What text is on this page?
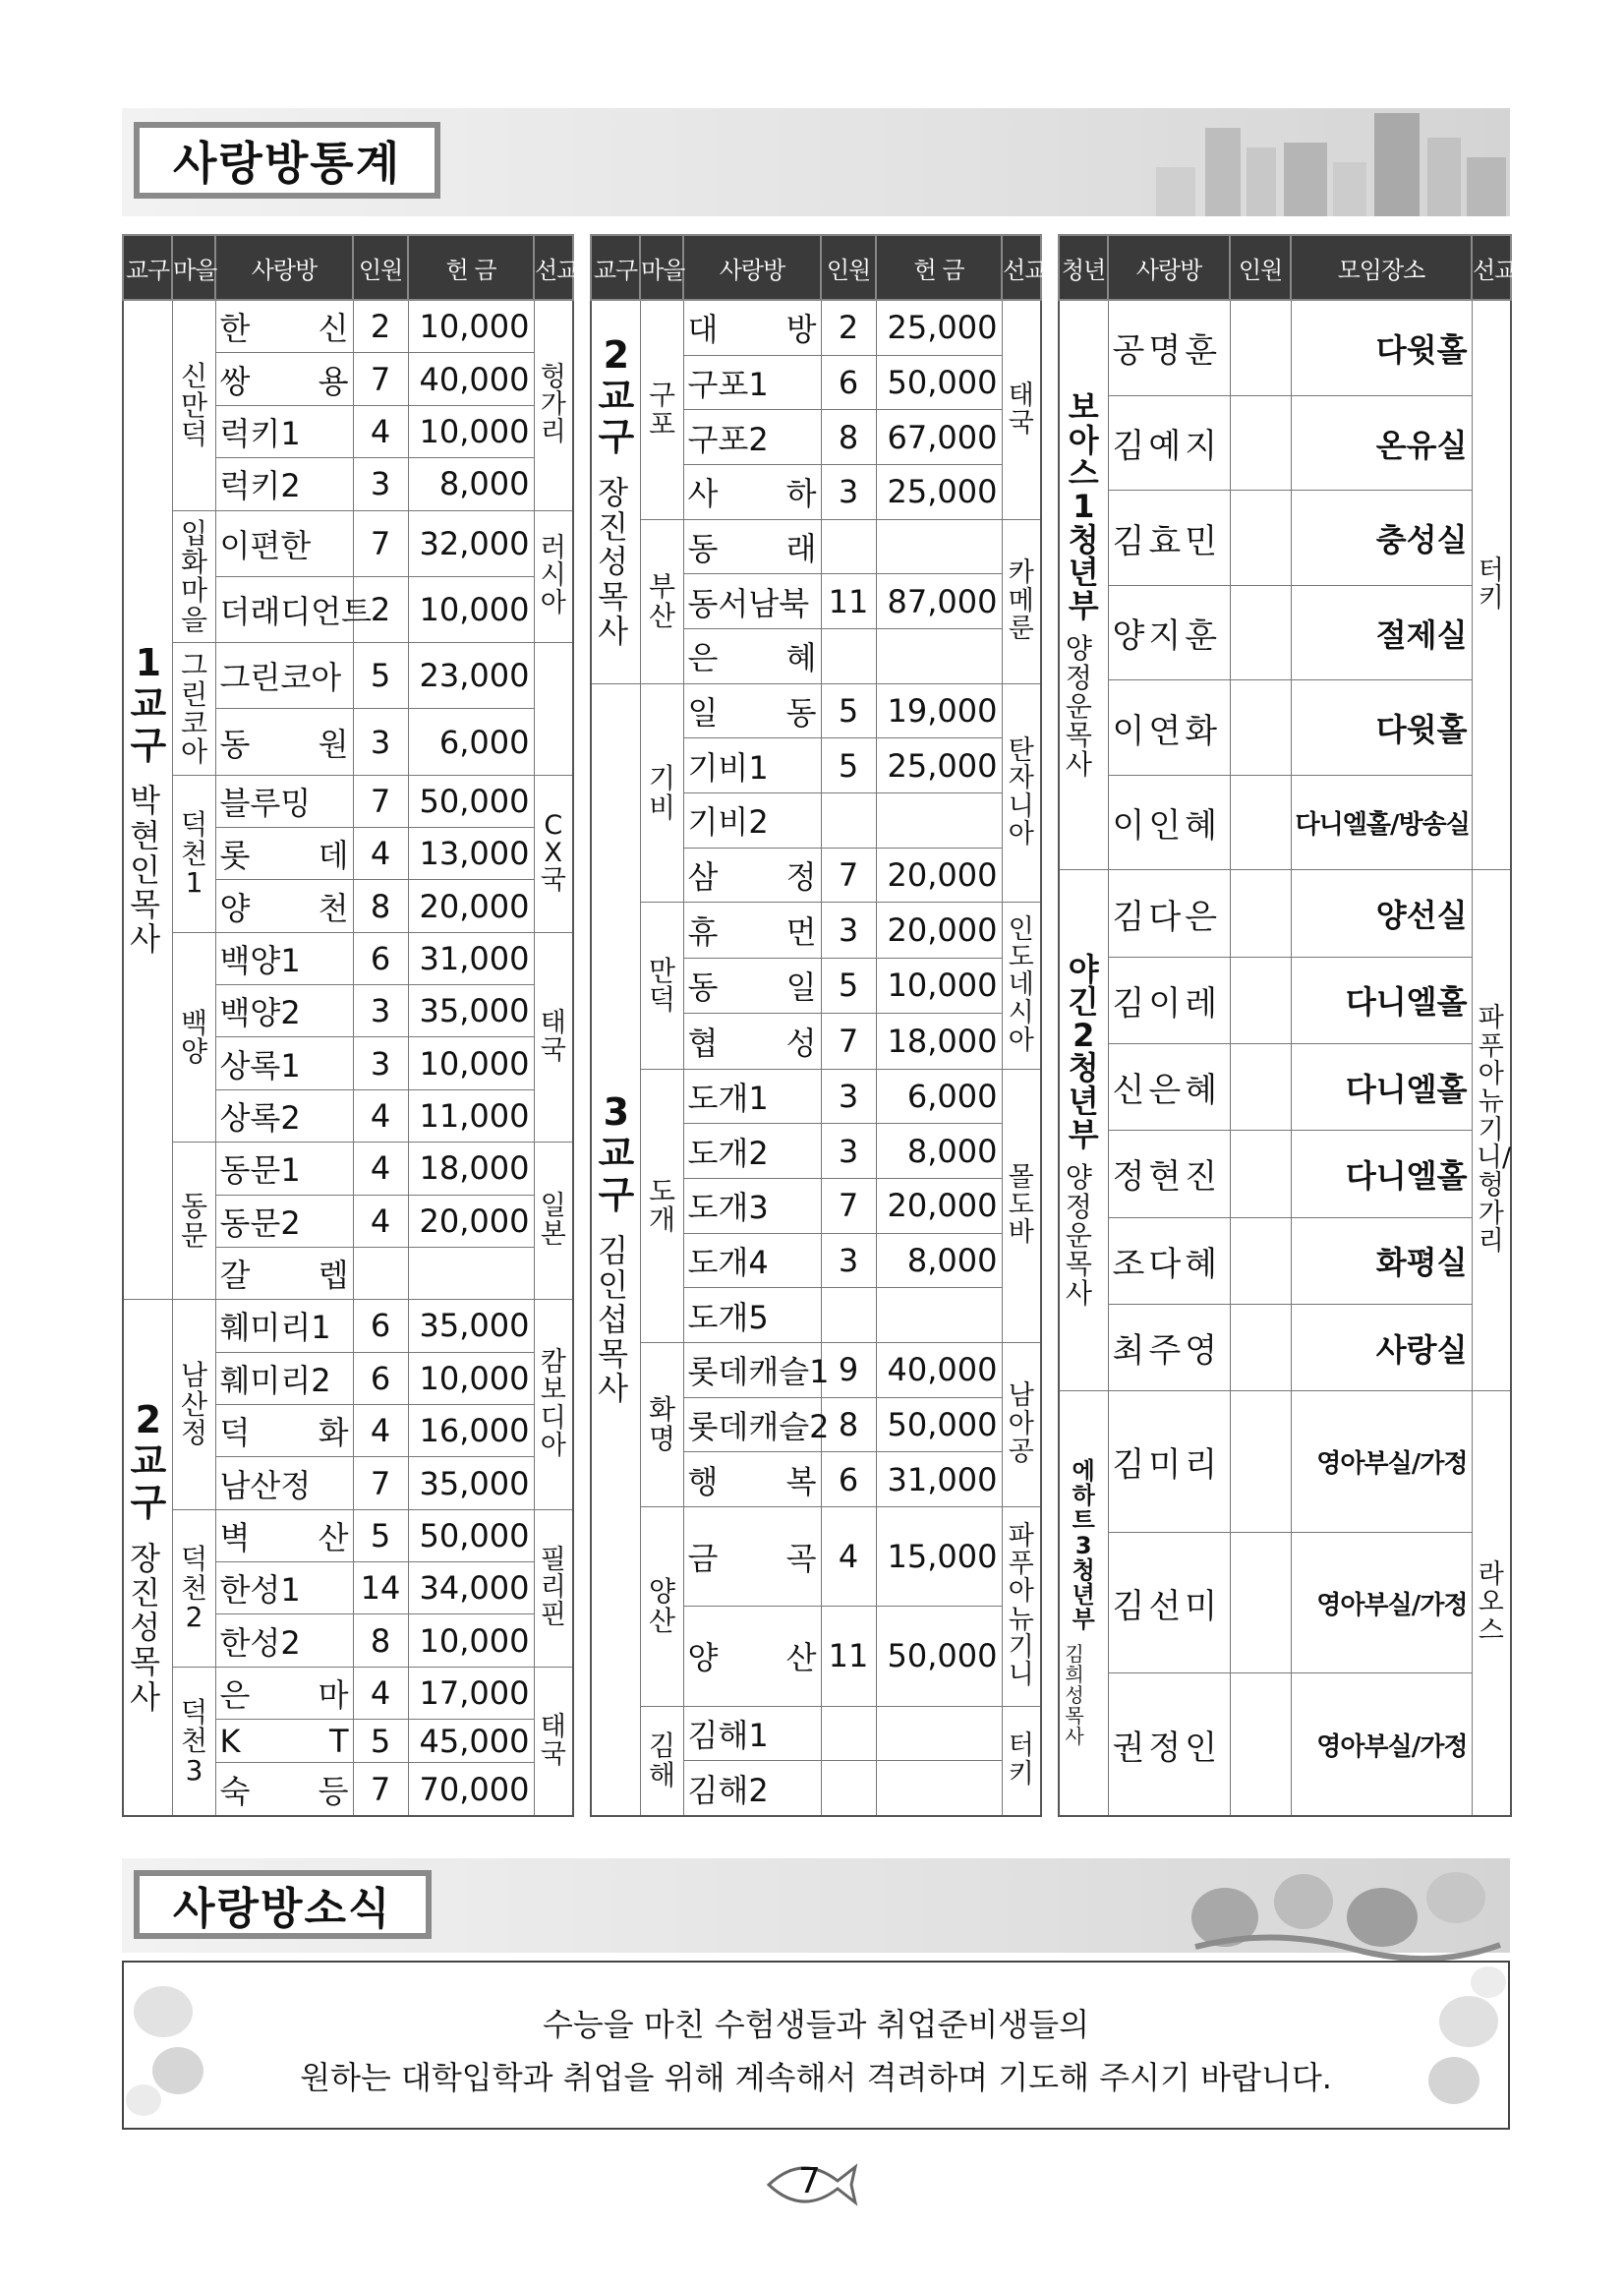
사랑방통계
교구	마을	사랑방	인원	헌 금	선교
1교구
박현인목사	신만덕	한 신	2	10,000	헝가리
		쌍 용	7	40,000	
		럭키1	4	10,000	
		럭키2	3	8,000	
	입화마을	이편한	7	32,000	러시아
		더래디언트	2	10,000	
	그린코아	그린코아	5	23,000	
		동 원	3	6,000	
	덕천1	블루밍	7	50,000	CX국
		롯 데	4	13,000	
		양 천	8	20,000	
	백양	백양1	6	31,000	태국
		백양2	3	35,000	
		상록1	3	10,000	
		상록2	4	11,000	
	동문	동문1	4	18,000	일본
		동문2	4	20,000	
		갈 렙			
2교구
장진성목사	남산정	훼미리1	6	35,000	캄보디아
		훼미리2	6	10,000	
		덕 화	4	16,000	
		남산정	7	35,000	
	덕천2	벽 산	5	50,000	필리핀
		한성1	14	34,000	
		한성2	8	10,000	
	덕천3	은 마	4	17,000	태국
		K T	5	45,000	
		숙 등	7	70,000	
교구	마을	사랑방	인원	헌 금	선교
2교구
장진성목사	구포	대 방	2	25,000	태국
		구포1	6	50,000	
		구포2	8	67,000	
		사 하	3	25,000	
	부산	동 래			카메룬
		동서남북	11	87,000	
		은 혜			
3교구
김인섭목사	기비	일 동	5	19,000	탄자니아
		기비1	5	25,000	
		기비2			
		삼 정	7	20,000	
	만덕	휴 먼	3	20,000	인도네시아
		동 일	5	10,000	
		협 성	7	18,000	
	도개	도개1	3	6,000	몰도바
		도개2	3	8,000	
		도개3	7	20,000	
		도개4	3	8,000	
		도개5			
	화명	롯데캐슬1	9	40,000	남아공
		롯데캐슬2	8	50,000	
		행 복	6	31,000	
	양산	금 곡	4	15,000	파푸아뉴기니
		양 산	11	50,000	
	김해	김해1			터키
		김해2			
청년	사랑방	인원	모임장소	선교
보아스1청년부
양정운목사	공명훈		다윗홀	터키
	김예지		온유실	
	김효민		충성실	
	양지훈		절제실	
	이연화		다윗홀	
	이인혜		다니엘홀/방송실	
야긴2청년부
양정운목사	김다은		양선실	파푸아뉴기니/헝가리
	김이레		다니엘홀	
	신은혜		다니엘홀	
	정현진		다니엘홀	
	조다혜		화평실	
	최주영		사랑실	
에하트3청년부
김희성목사	김미리		영아부실/가정	라오스
	김선미		영아부실/가정	
	권정인		영아부실/가정	
사랑방소식
수능을 마친 수험생들과 취업준비생들의
원하는 대학입학과 취업을 위해 계속해서 격려하며 기도해 주시기 바랍니다.
7
